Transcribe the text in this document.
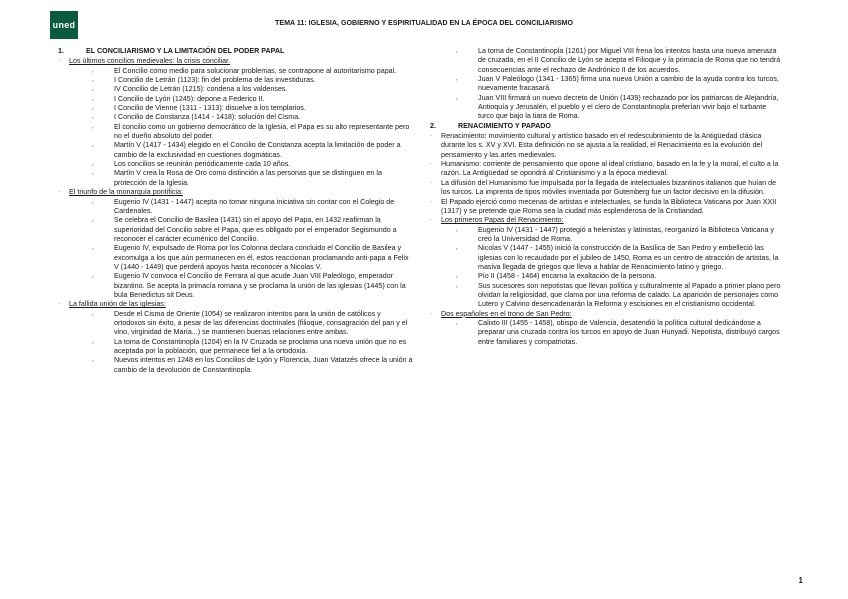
uned	TEMA 11: IGLESIA, GOBIERNO Y ESPIRITUALIDAD EN LA ÉPOCA DEL CONCILIARISMO
1.	EL CONCILIARISMO Y LA LIMITACIÓN DEL PODER PAPAL
·	Los últimos concilios medievales: la crisis conciliar.
,	El Concilio como medio para solucionar problemas, se contrapone al autoritarismo papal.
,	I Concilio de Letrán (1123): fin del problema de las investiduras.
,	IV Concilio de Letrán (1215): condena a los valdenses.
,	I Concilio de Lyón (1245): depone a Federico II.
,	I Concilio de Vienne (1311 - 1313): disuelve a los templarios.
,	I Concilio de Constanza (1414 - 1418): solución del Cisma.
,	El concilio como un gobierno democrático de la Iglesia, el Papa es su alto representante pero no el dueño absoluto del poder.
,	Martín V (1417 - 1434) elegido en el Concilio de Constanza acepta la limitación de poder a cambio de la exclusividad en cuestiones dogmáticas.
,	Los concilios se reunirán periódicamente cada 10 años.
,	Martín V crea la Rosa de Oro como distinción a las personas que se distinguen en la protección de la Iglesia.
·	El triunfo de la monarquía pontificia:
,	Eugenio IV (1431 - 1447) acepta no tomar ninguna iniciativa sin contar con el Colegio de Cardenales.
,	Se celebra el Concilio de Basilea (1431) sin el apoyo del Papa, en 1432 reafirman la superioridad del Concilio sobre el Papa, que es obligado por el emperador Segismundo a reconocer el carácter ecuménico del Concilio.
,	Eugenio IV, expulsado de Roma por los Colonna declara concluido el Concilio de Basilea y excomulga a los que aún permanecen en él, estos reaccionan proclamando anti-papa a Felix V (1440 - 1449) que perderá apoyos hasta reconocer a Nicolas V.
,	Eugenio IV convoca el Concilio de Ferrara al que acude Juan VIII Paleólogo, emperador bizantino. Se acepta la primacía romana y se proclama la unión de las iglesias (1445) con la bula Benedictus sit Deus.
·	La fallida unión de las iglesias:
,	Desde el Cisma de Oriente (1054) se realizaron intentos para la unión de católicos y ortodoxos sin éxito, a pesar de las diferencias doctrinales (filioque, consagración del pan y el vino, virginidad de María...) se mantienen buenas relaciones entre ambas.
,	La toma de Constantinopla (1204) en la IV Cruzada se proclama una nueva unión que no es aceptada por la población, que permanece fiel a la ortodoxia.
,	Nuevos intentos en 1248 en los Concilios de Lyón y Florencia, Juan Vatatzés ofrece la unión a cambio de la devolución de Constantinopla.
,	La toma de Constantinopla (1261) por Miguel VIII frena los intentos hasta una nueva amenaza de cruzada, en el II Concilio de Lyón se acepta el Filioque y la primacía de Roma que no tendrá consecuencias ante el rechazo de Andrónico II de los acuerdos.
,	Juan V Paleólogo (1341 - 1365) firma una nueva Unión a cambio de la ayuda contra los turcos, nuevamente fracasará.
,	Juan VIII firmará un nuevo decreto de Unión (1439) rechazado por los patriarcas de Alejandría, Antioquía y Jerusalén, el pueblo y el clero de Constantinopla preferían vivir bajo el turbante turco que bajo la tiara de Roma.
2.	RENACIMIENTO Y PAPADO
·	Renacimiento: movimiento cultural y artístico basado en el redescubrimiento de la Antigüedad clásica durante los s. XV y XVI. Esta definición no se ajusta a la realidad, el Renacimiento es la evolución del pensamiento y las artes medievales.
·	Humanismo: corriente de pensamiento que opone al ideal cristiano, basado en la fe y la moral, el culto a la razón. La Antigüedad se opondrá al Cristianismo y a la época medieval.
·	La difusión del Humanismo fue impulsada por la llegada de intelectuales bizantinos italianos que huían de los turcos. La imprenta de tipos móviles inventada por Gutemberg fue un factor decisivo en la difusión.
·	El Papado ejerció como mecenas de artistas e intelectuales, se funda la Biblioteca Vaticana por Juan XXII (1317) y se pretende que Roma sea la ciudad más esplenderosa de la Cristiandad.
·	Los primeros Papas del Renacimiento:
,	Eugenio IV (1431 - 1447) protegió a helenistas y latinistas, reorganizó la Biblioteca Vaticana y creó la Universidad de Roma.
,	Nicolas V (1447 - 1455) inició la construcción de la Basílica de San Pedro y embelleció las iglesias con lo recaudado por el jubileo de 1450, Roma es un centro de atracción de artistas, la masiva llegada de griegos que lleva a hablar de Renacimiento latino y griego.
,	Pío II (1458 - 1464) encarna la exaltación de la persona.
,	Sus sucesores son nepotistas que llevan política y culturalmente al Papado a primer plano pero olvidan la religiosidad, que clama por una reforma de calado. La aparición de personajes como Lutero y Calvino desencadenarán la Reforma y escisiones en el cristianismo occidental.
·	Dos españoles en el trono de San Pedro:
,	Calixto III (1455 - 1458), obispo de Valencia, desatendió la política cultural dedicándose a preparar una cruzada contra los turcos en apoyo de Juan Hunyadi. Nepotista, distribuyó cargos entre familiares y compatriotas.
1
